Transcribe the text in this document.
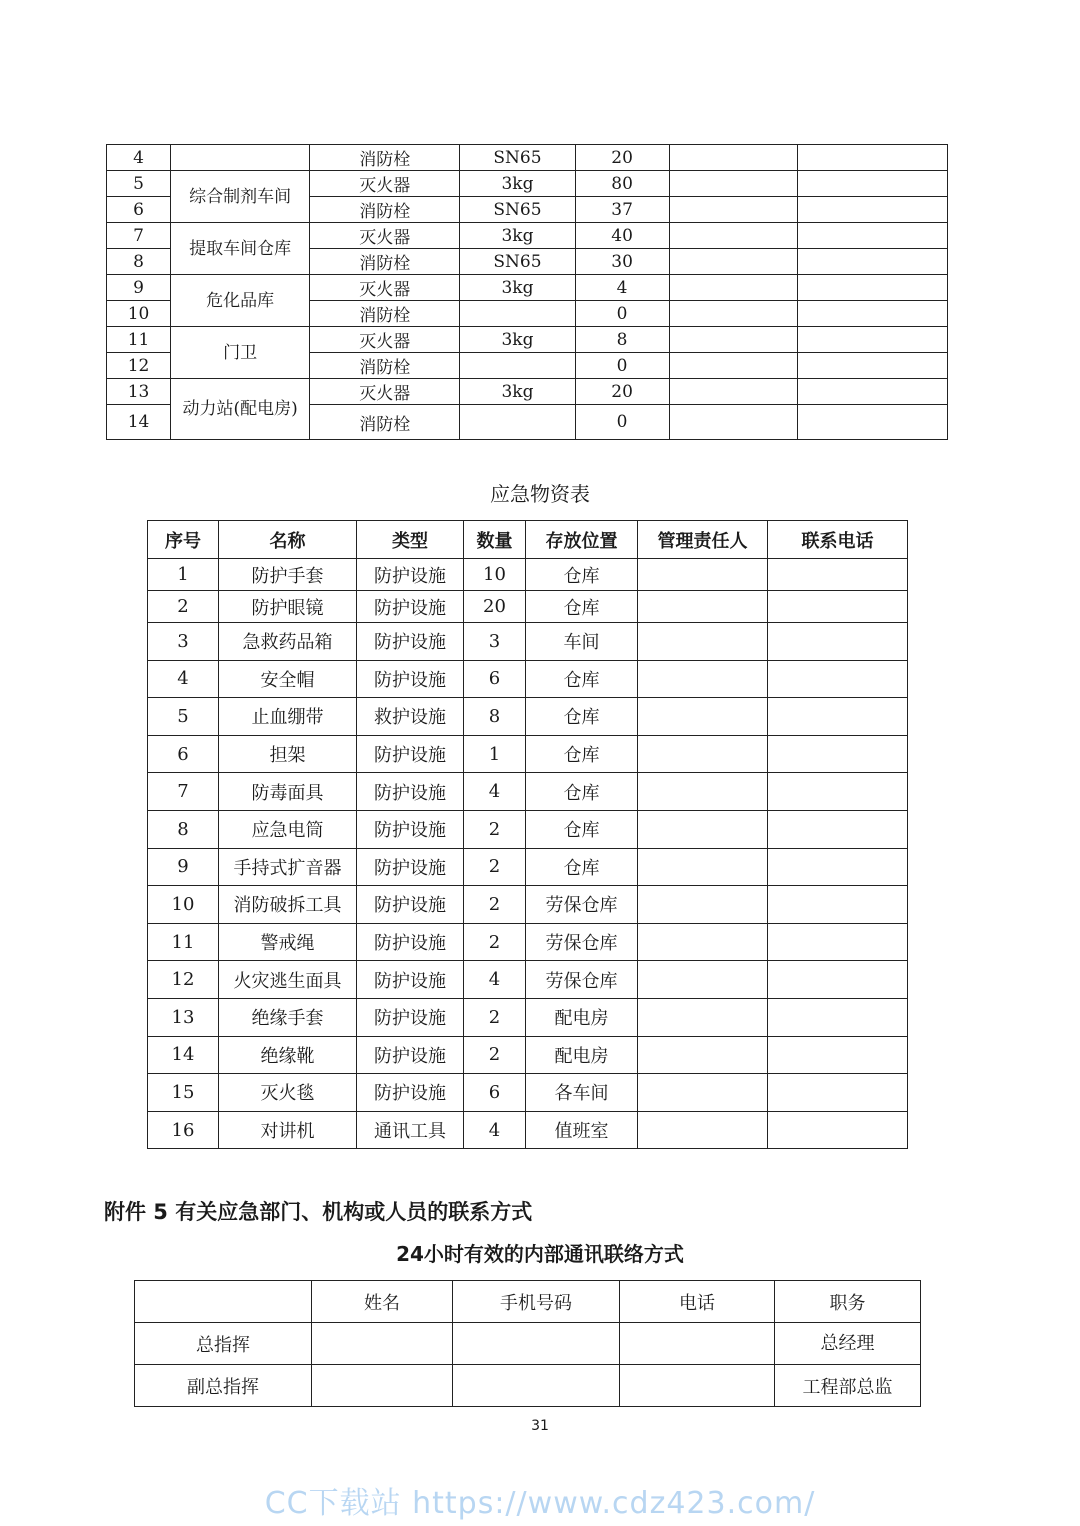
4		消防栓	SN65	20		
5	综合制剂车间	灭火器	3kg	80		
6		消防栓	SN65	37		
7	提取车间仓库	灭火器	3kg	40		
8		消防栓	SN65	30		
9	危化品库	灭火器	3kg	4		
10		消防栓		0		
11	门卫	灭火器	3kg	8		
12		消防栓		0		
13	动力站(配电房)	灭火器	3kg	20		
14		消防栓		0		
应急物资表
序号	名称	类型	数量	存放位置	管理责任人	联系电话
1	防护手套	防护设施	10	仓库		
2	防护眼镜	防护设施	20	仓库		
3	急救药品箱	防护设施	3	车间		
4	安全帽	防护设施	6	仓库		
5	止血绷带	救护设施	8	仓库		
6	担架	防护设施	1	仓库		
7	防毒面具	防护设施	4	仓库		
8	应急电筒	防护设施	2	仓库		
9	手持式扩音器	防护设施	2	仓库		
10	消防破拆工具	防护设施	2	劳保仓库		
11	警戒绳	防护设施	2	劳保仓库		
12	火灾逃生面具	防护设施	4	劳保仓库		
13	绝缘手套	防护设施	2	配电房		
14	绝缘靴	防护设施	2	配电房		
15	灭火毯	防护设施	6	各车间		
16	对讲机	通讯工具	4	值班室		
附件 5 有关应急部门、机构或人员的联系方式
24小时有效的内部通讯联络方式
	姓名	手机号码	电话	职务
总指挥				总经理
副总指挥				工程部总监
31
CC下载站 https://www.cdz423.com/
